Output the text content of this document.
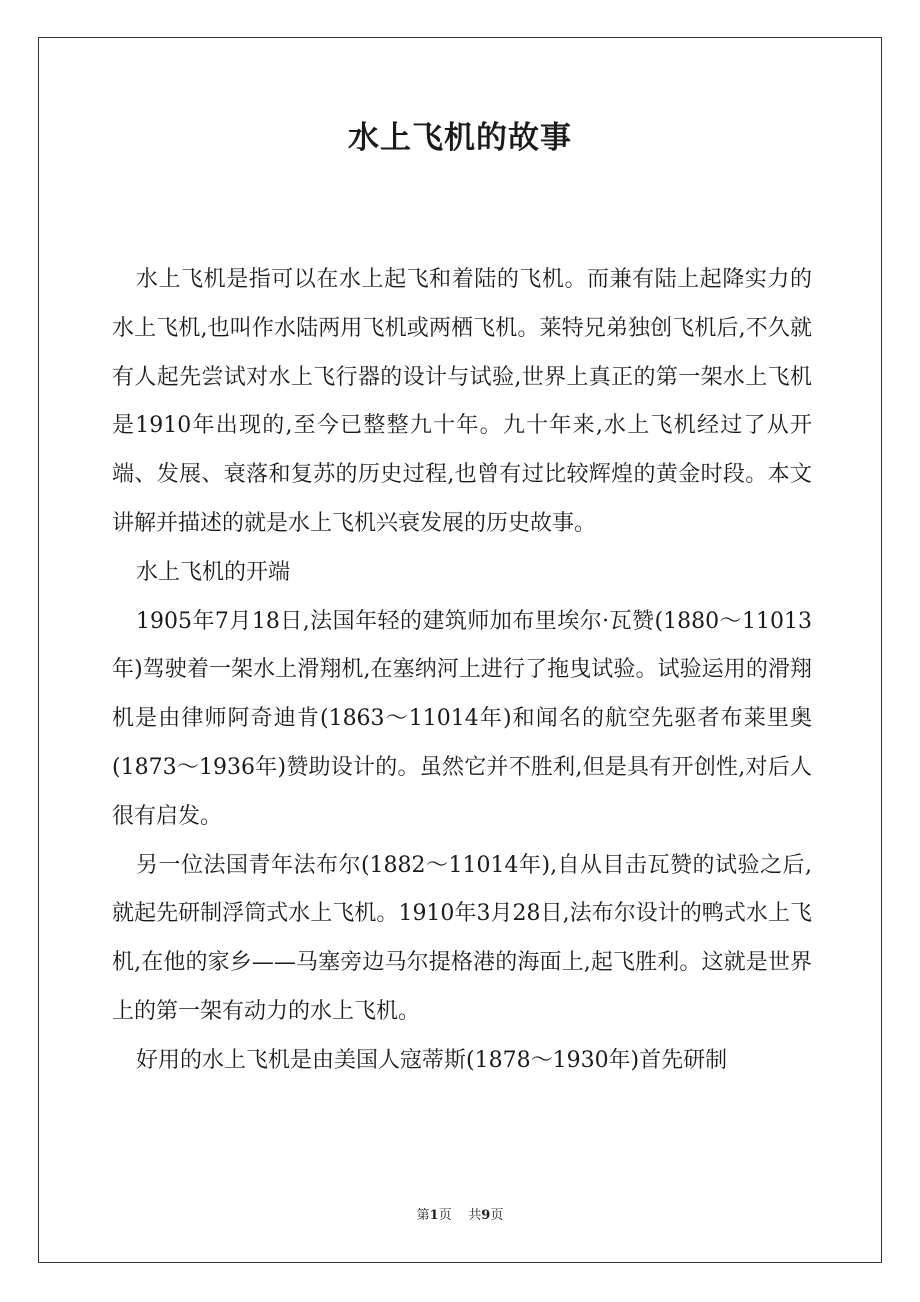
水上飞机的故事

水上飞机是指可以在水上起飞和着陆的飞机。而兼有陆上起降实力的水上飞机,也叫作水陆两用飞机或两栖飞机。莱特兄弟独创飞机后,不久就有人起先尝试对水上飞行器的设计与试验,世界上真正的第一架水上飞机是1910年出现的,至今已整整九十年。九十年来,水上飞机经过了从开端、发展、衰落和复苏的历史过程,也曾有过比较辉煌的黄金时段。本文讲解并描述的就是水上飞机兴衰发展的历史故事。

水上飞机的开端

1905年7月18日,法国年轻的建筑师加布里埃尔·瓦赞(1880～11013年)驾驶着一架水上滑翔机,在塞纳河上进行了拖曳试验。试验运用的滑翔机是由律师阿奇迪肯(1863～11014年)和闻名的航空先驱者布莱里奥(1873～1936年)赞助设计的。虽然它并不胜利,但是具有开创性,对后人很有启发。

另一位法国青年法布尔(1882～11014年),自从目击瓦赞的试验之后,就起先研制浮筒式水上飞机。1910年3月28日,法布尔设计的鸭式水上飞机,在他的家乡——马塞旁边马尔提格港的海面上,起飞胜利。这就是世界上的第一架有动力的水上飞机。

好用的水上飞机是由美国人寇蒂斯(1878～1930年)首先研制

第1页 共9页
